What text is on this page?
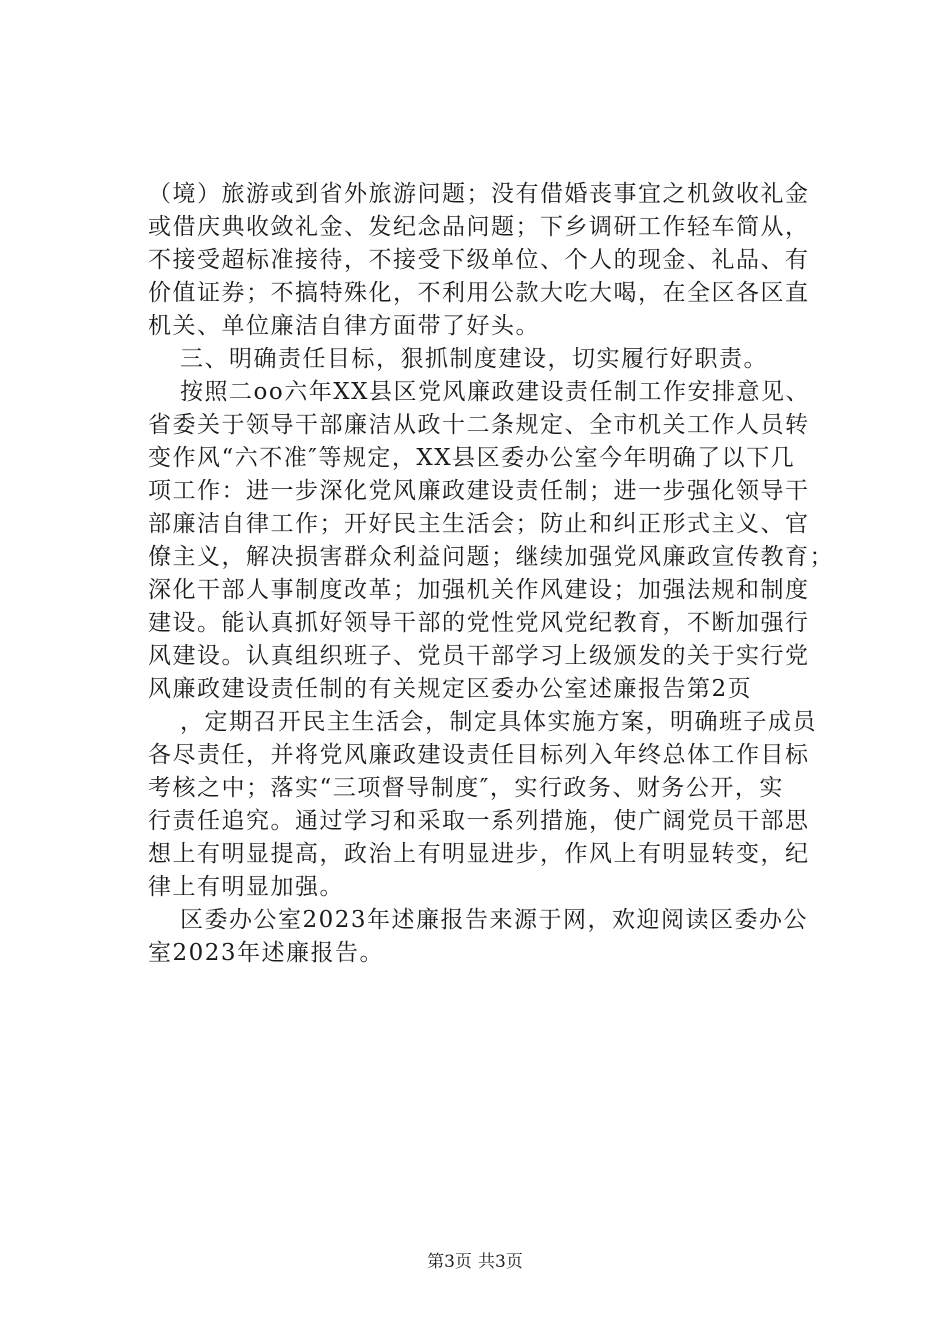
（境）旅游或到省外旅游问题；没有借婚丧事宜之机敛收礼金
或借庆典收敛礼金、发纪念品问题；下乡调研工作轻车简从，
不接受超标准接待，不接受下级单位、个人的现金、礼品、有
价值证券；不搞特殊化，不利用公款大吃大喝，在全区各区直
机关、单位廉洁自律方面带了好头。
三、明确责任目标，狠抓制度建设，切实履行好职责。
按照二oo六年XX县区党风廉政建设责任制工作安排意见、
省委关于领导干部廉洁从政十二条规定、全市机关工作人员转
变作风“六不准″等规定，XX县区委办公室今年明确了以下几
项工作：进一步深化党风廉政建设责任制；进一步强化领导干
部廉洁自律工作；开好民主生活会；防止和纠正形式主义、官
僚主义，解决损害群众利益问题；继续加强党风廉政宣传教育；
深化干部人事制度改革；加强机关作风建设；加强法规和制度
建设。能认真抓好领导干部的党性党风党纪教育，不断加强行
风建设。认真组织班子、党员干部学习上级颁发的关于实行党
风廉政建设责任制的有关规定区委办公室述廉报告第2页
，定期召开民主生活会，制定具体实施方案，明确班子成员
各尽责任，并将党风廉政建设责任目标列入年终总体工作目标
考核之中；落实“三项督导制度″，实行政务、财务公开，实
行责任追究。通过学习和采取一系列措施，使广阔党员干部思
想上有明显提高，政治上有明显进步，作风上有明显转变，纪
律上有明显加强。
区委办公室2023年述廉报告来源于网，欢迎阅读区委办公
室2023年述廉报告。
第3页 共3页
